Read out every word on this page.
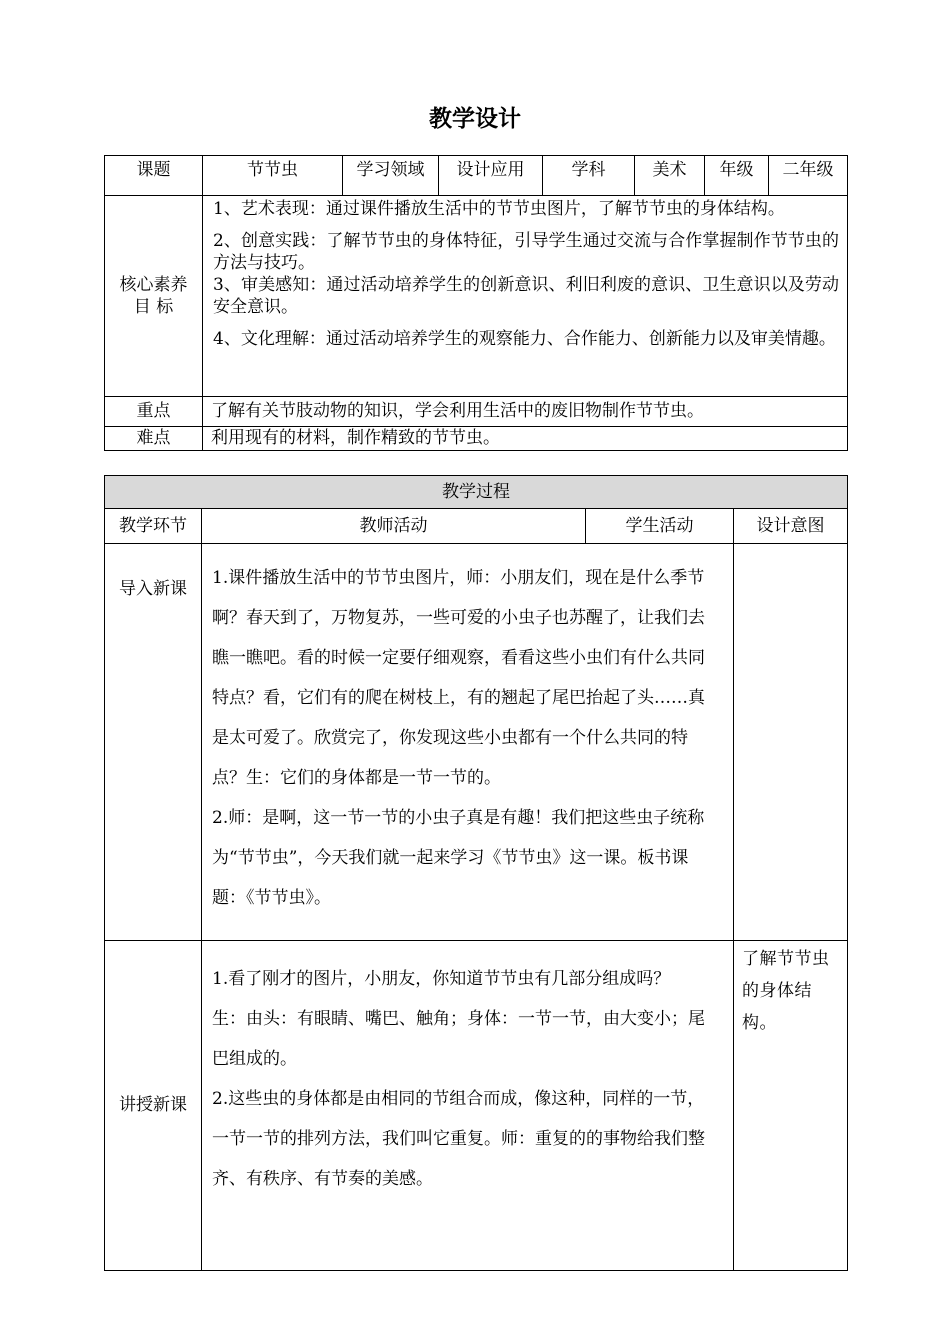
教学设计
课题	节节虫	学习领域	设计应用	学科	美术	年级	二年级

核心素养目 标	1、艺术表现：通过课件播放生活中的节节虫图片，了解节节虫的身体结构。

2、创意实践：了解节节虫的身体特征，引导学生通过交流与合作掌握制作节节虫的方法与技巧。

3、审美感知：通过活动培养学生的创新意识、利旧利废的意识、卫生意识以及劳动安全意识。

4、文化理解：通过活动培养学生的观察能力、合作能力、创新能力以及审美情趣。						

重点	了解有关节肢动物的知识，学会利用生活中的废旧物制作节节虫。						
难点	利用现有的材料，制作精致的节节虫。						
教学过程			
教学环节	教师活动	学生活动	设计意图
导入新课	1.课件播放生活中的节节虫图片，师：小朋友们，现在是什么季节啊？春天到了，万物复苏，一些可爱的小虫子也苏醒了，让我们去瞧一瞧吧。看的时候一定要仔细观察，看看这些小虫们有什么共同特点？看，它们有的爬在树枝上，有的翘起了尾巴抬起了头……真是太可爱了。欣赏完了，你发现这些小虫都有一个什么共同的特点？生：它们的身体都是一节一节的。

2.师：是啊，这一节一节的小虫子真是有趣！我们把这些虫子统称为“节节虫”，今天我们就一起来学习《节节虫》这一课。板书课题：《节节虫》。		

讲授新课	1.看了刚才的图片，小朋友，你知道节节虫有几部分组成吗？

生：由头：有眼睛、嘴巴、触角；身体：一节一节，由大变小；尾巴组成的。

2.这些虫的身体都是由相同的节组合而成，像这种，同样的一节，一节一节的排列方法，我们叫它重复。师：重复的的事物给我们整齐、有秩序、有节奏的美感。		了解节节虫的身体结构。
